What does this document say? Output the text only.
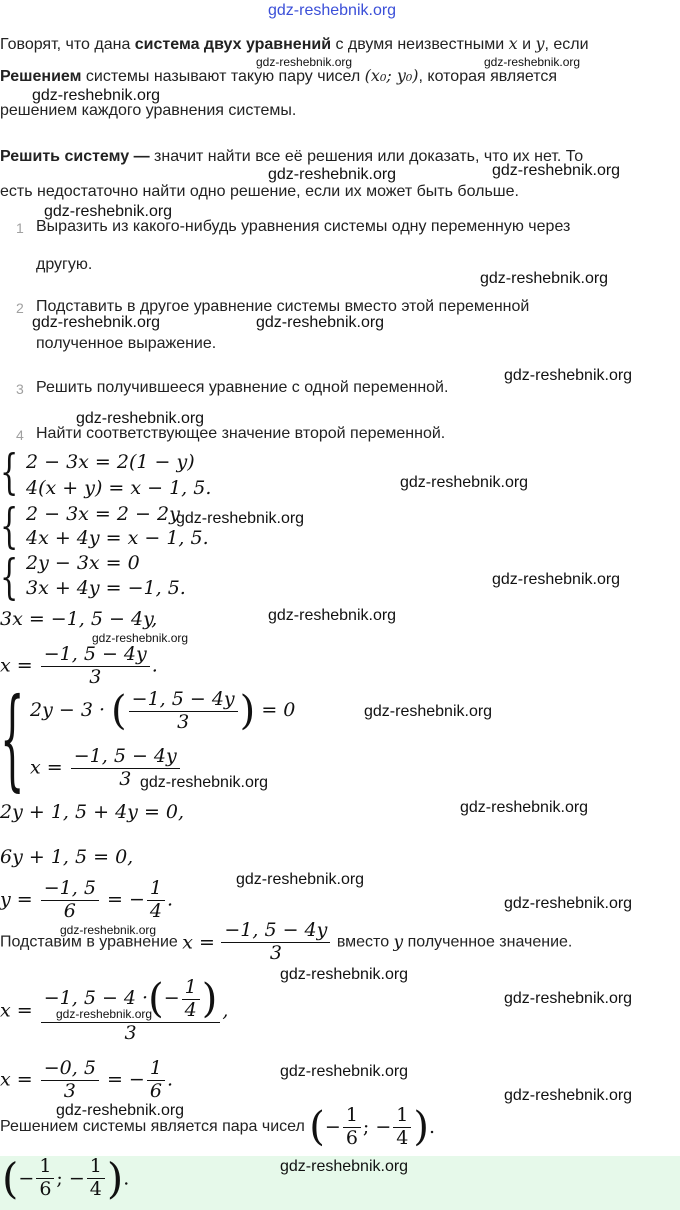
Говорят, что дана система двух уравнений с двумя неизвестными x и y, если
Решением системы называют такую пару чисел (x₀; y₀), которая является
решением каждого уравнения системы.
Решить систему — значит найти все её решения или доказать, что их нет. То
есть недостаточно найти одно решение, если их может быть больше.
1 Выразить из какого-нибудь уравнения системы одну переменную через
другую.
2 Подставить в другое уравнение системы вместо этой переменной
полученное выражение.
3 Решить получившееся уравнение с одной переменной.
4 Найти соответствующее значение второй переменной.
{ 2 − 3x = 2(1 − y)
4(x + y) = x − 1, 5.
{ 2 − 3x = 2 − 2y
4x + 4y = x − 1, 5.
{ 2y − 3x = 0
3x + 4y = −1, 5.
3x = −1, 5 − 4y,
$x = \frac{-1, 5 - 4y}{3}$ .
{ 2y − 3 · ( $\frac{-1, 5 - 4y}{3}$ ) = 0
$x = \frac{-1, 5 - 4y}{3}$
2y + 1, 5 + 4y = 0,
6y + 1, 5 = 0,
$y = \frac{-1, 5}{6}$ = − $\frac{1}{4}$ .
Подставим в уравнение $x = \frac{-1, 5 - 4y}{3}$ вместо y полученное значение.
$x = \frac{-1, 5 - 4 \cdot(- \frac{1}{4} )}{3}$ ,
$x = \frac{-0, 5}{3}$ = − $\frac{1}{6}$ .
Решением системы является пара чисел (− $\frac{1}{6}$ ; − $\frac{1}{4}$ ).
(− $\frac{1}{6}$ ; − $\frac{1}{4}$ ).
gdz-reshebnik.org
gdz-reshebnik.org	gdz-reshebnik.org
gdz-reshebnik.org
gdz-reshebnik.org	gdz-reshebnik.org
gdz-reshebnik.org
gdz-reshebnik.org
gdz-reshebnik.org	gdz-reshebnik.org
gdz-reshebnik.org
gdz-reshebnik.org
gdz-reshebnik.org
gdz-reshebnik.org
gdz-reshebnik.org
gdz-reshebnik.org
gdz-reshebnik.org
gdz-reshebnik.org
gdz-reshebnik.org
gdz-reshebnik.org
gdz-reshebnik.org
gdz-reshebnik.org
gdz-reshebnik.org
gdz-reshebnik.org
gdz-reshebnik.org
gdz-reshebnik.org
gdz-reshebnik.org
gdz-reshebnik.org
gdz-reshebnik.org
gdz-reshebnik.org
